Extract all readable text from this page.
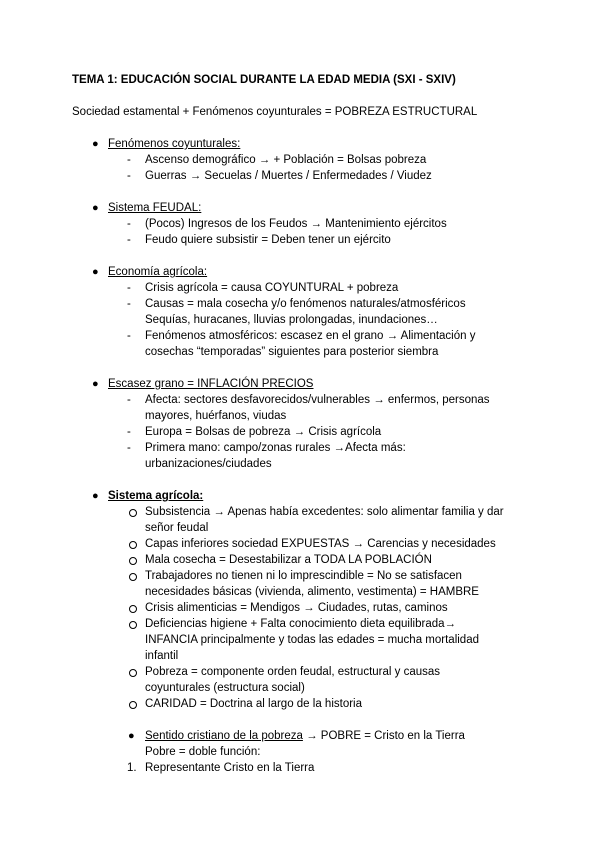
TEMA 1: EDUCACIÓN SOCIAL DURANTE LA EDAD MEDIA (SXI - SXIV)
Sociedad estamental + Fenómenos coyunturales = POBREZA ESTRUCTURAL
● Fenómenos coyunturales:
- Ascenso demográfico → + Población = Bolsas pobreza
- Guerras → Secuelas / Muertes / Enfermedades / Viudez
● Sistema FEUDAL:
- (Pocos) Ingresos de los Feudos → Mantenimiento ejércitos
- Feudo quiere subsistir = Deben tener un ejército
● Economía agrícola:
- Crisis agrícola = causa COYUNTURAL + pobreza
- Causas = mala cosecha y/o fenómenos naturales/atmosféricos
Sequías, huracanes, lluvias prolongadas, inundaciones…
- Fenómenos atmosféricos: escasez en el grano → Alimentación y
cosechas “temporadas” siguientes para posterior siembra
● Escasez grano = INFLACIÓN PRECIOS
- Afecta: sectores desfavorecidos/vulnerables → enfermos, personas
mayores, huérfanos, viudas
- Europa = Bolsas de pobreza → Crisis agrícola
- Primera mano: campo/zonas rurales →Afecta más:
urbanizaciones/ciudades
● Sistema agrícola:
Subsistencia → Apenas había excedentes: solo alimentar familia y dar
señor feudal
Capas inferiores sociedad EXPUESTAS → Carencias y necesidades
Mala cosecha = Desestabilizar a TODA LA POBLACIÓN
Trabajadores no tienen ni lo imprescindible = No se satisfacen
necesidades básicas (vivienda, alimento, vestimenta) = HAMBRE
Crisis alimenticias = Mendigos → Ciudades, rutas, caminos
Deficiencias higiene + Falta conocimiento dieta equilibrada→
INFANCIA principalmente y todas las edades = mucha mortalidad
infantil
Pobreza = componente orden feudal, estructural y causas
coyunturales (estructura social)
CARIDAD = Doctrina al largo de la historia
● Sentido cristiano de la pobreza → POBRE = Cristo en la Tierra
Pobre = doble función:
1. Representante Cristo en la Tierra
